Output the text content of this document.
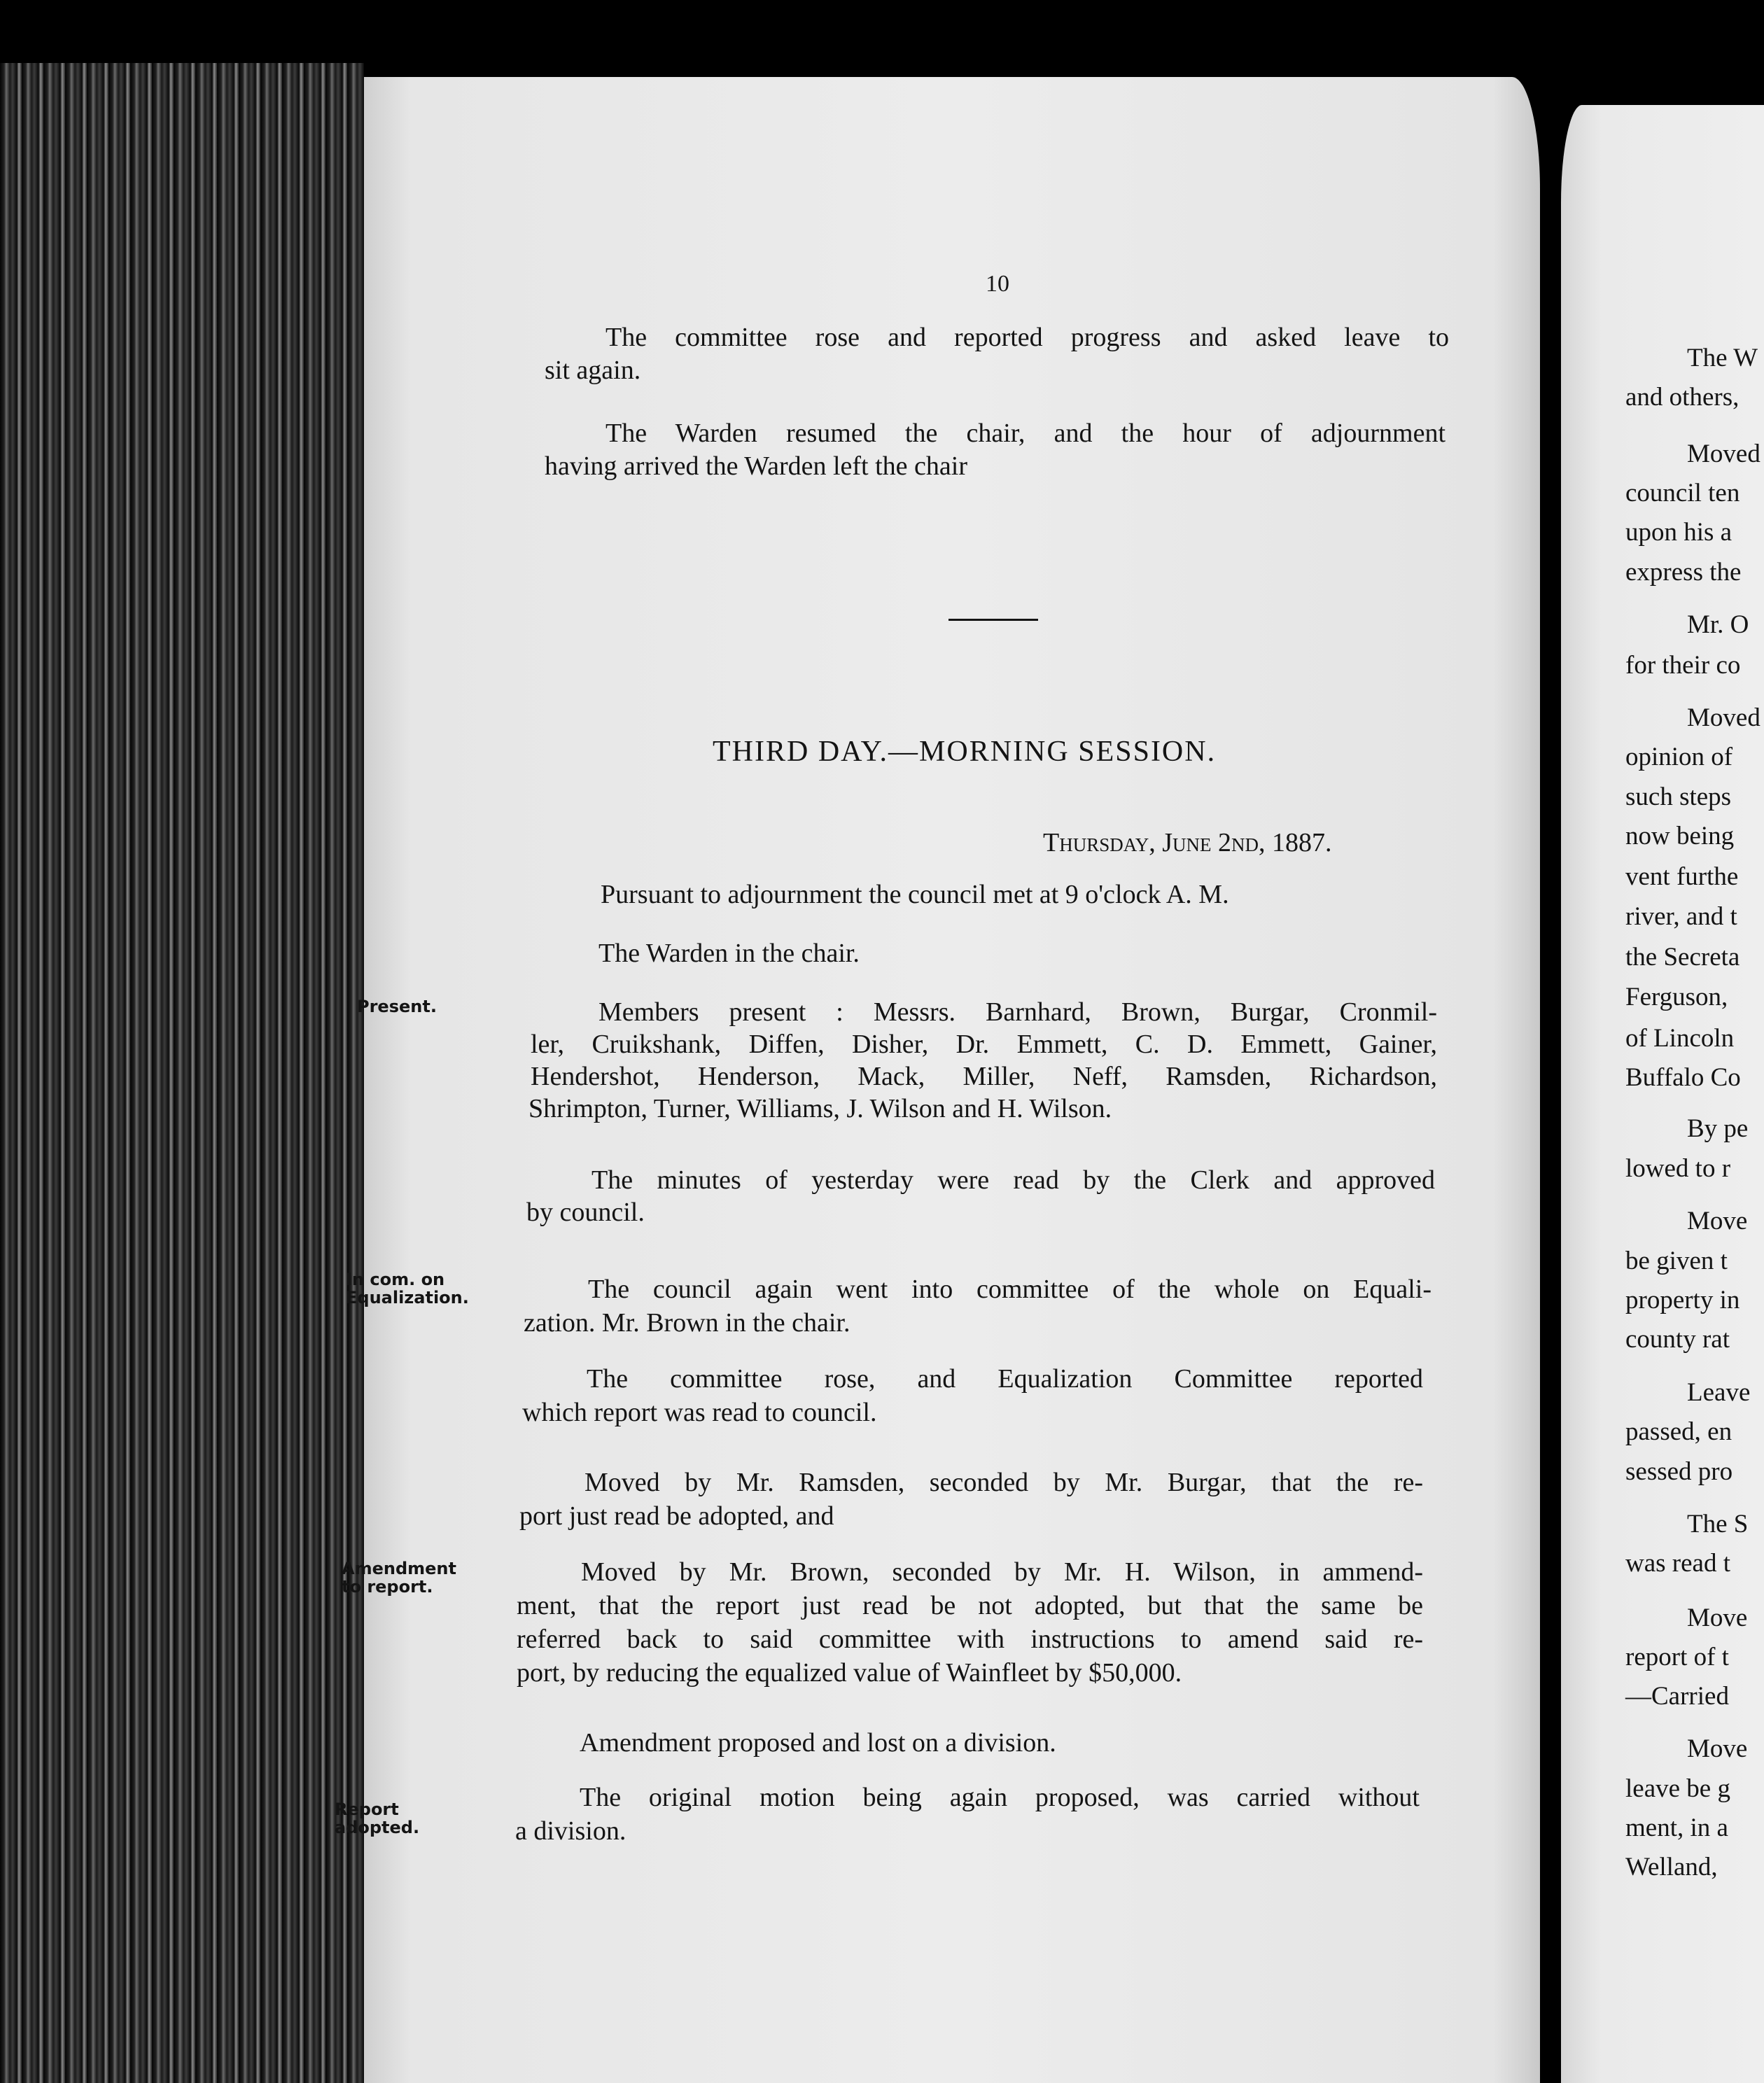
10
The committee rose and reported progress and asked leave to
sit again.
The Warden resumed the chair, and the hour of adjournment
having arrived the Warden left the chair
THIRD DAY.—MORNING SESSION.
Thursday, June 2nd, 1887.
Pursuant to adjournment the council met at 9 o'clock A. M.
The Warden in the chair.
Members present : Messrs. Barnhard, Brown, Burgar, Cronmil-
ler, Cruikshank, Diffen, Disher, Dr. Emmett, C. D. Emmett, Gainer,
Hendershot, Henderson, Mack, Miller, Neff, Ramsden, Richardson,
Shrimpton, Turner, Williams, J. Wilson and H. Wilson.
The minutes of yesterday were read by the Clerk and approved
by council.
The council again went into committee of the whole on Equali-
zation. Mr. Brown in the chair.
The committee rose, and Equalization Committee reported
which report was read to council.
Moved by Mr. Ramsden, seconded by Mr. Burgar, that the re-
port just read be adopted, and
Moved by Mr. Brown, seconded by Mr. H. Wilson, in ammend-
ment, that the report just read be not adopted, but that the same be
referred back to said committee with instructions to amend said re-
port, by reducing the equalized value of Wainfleet by $50,000.
Amendment proposed and lost on a division.
The original motion being again proposed, was carried without
a division.
Present.
In com. on
Equalization.
Amendment
to report.
Report
adopted.
The W
and others,
Moved
council ten
upon his a
express the
Mr. O
for their co
Moved
opinion of
such steps
now being
vent furthe
river, and t
the Secreta
Ferguson,
of Lincoln
Buffalo Co
By pe
lowed to r
Move
be given t
property in
county rat
Leave
passed, en
sessed pro
The S
was read t
Move
report of t
—Carried
Move
leave be g
ment, in a
Welland,
